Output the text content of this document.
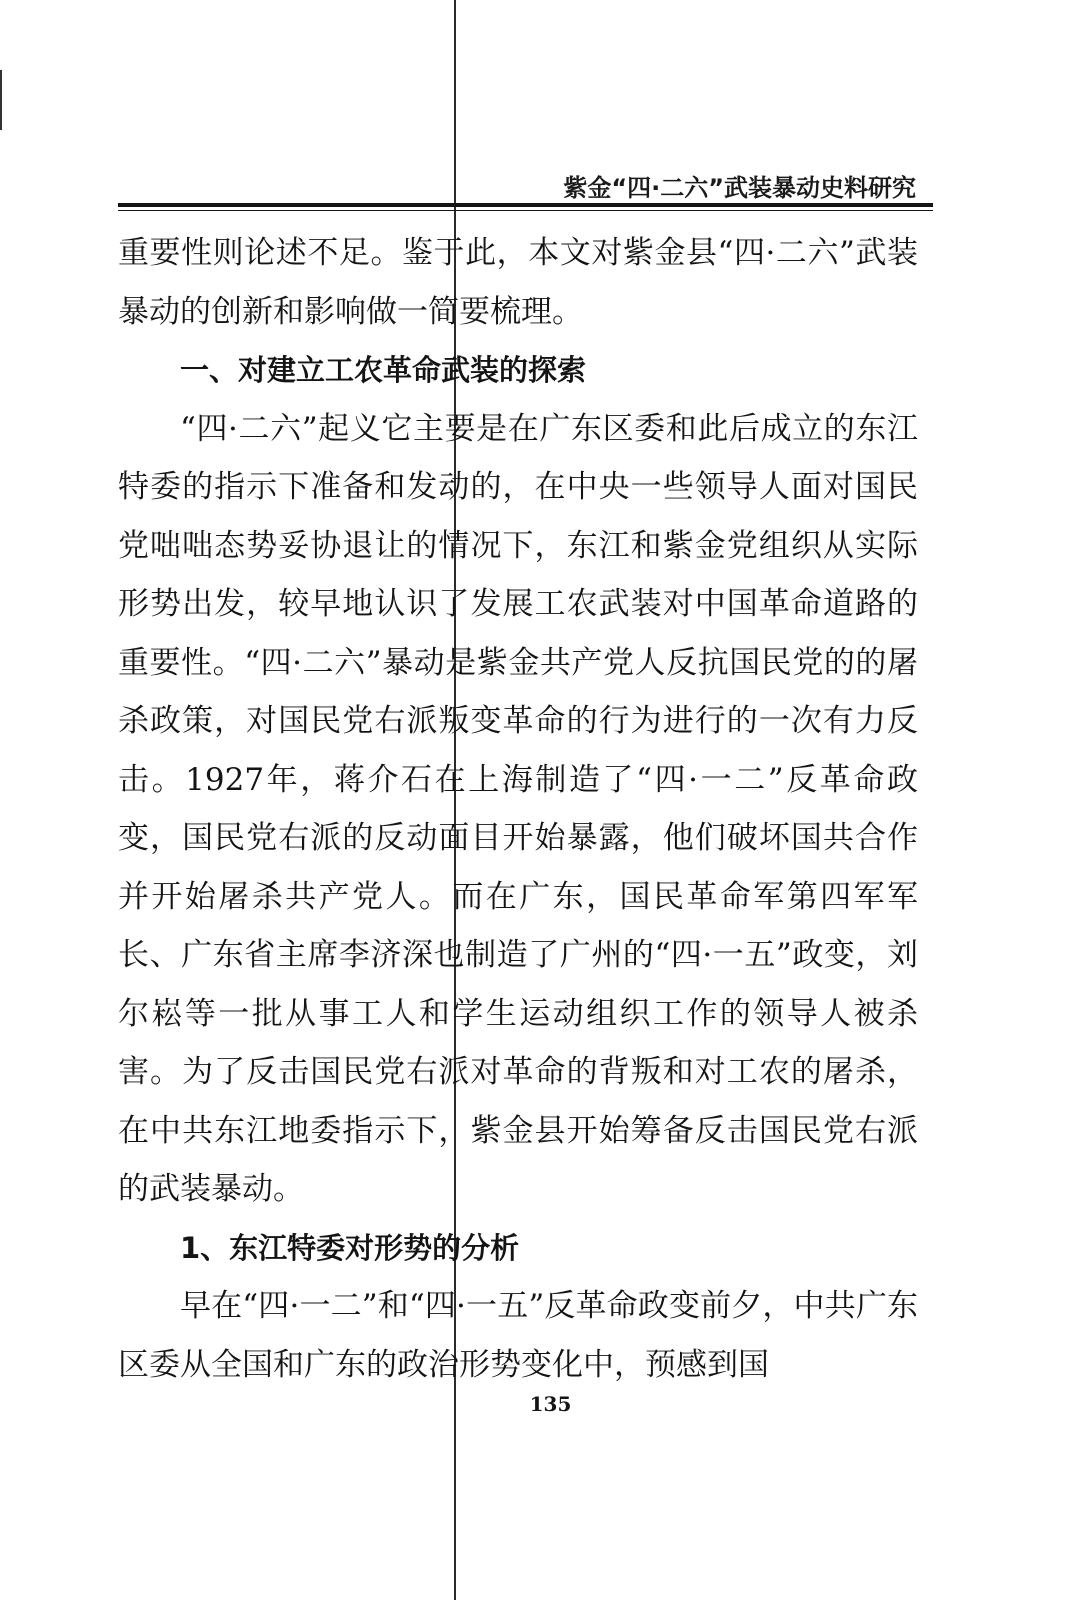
紫金“四·二六”武装暴动史料研究

重要性则论述不足。鉴于此，本文对紫金县“四·二六”武装暴动的创新和影响做一简要梳理。

一、对建立工农革命武装的探索

“四·二六”起义它主要是在广东区委和此后成立的东江特委的指示下准备和发动的，在中央一些领导人面对国民党咄咄态势妥协退让的情况下，东江和紫金党组织从实际形势出发，较早地认识了发展工农武装对中国革命道路的重要性。“四·二六”暴动是紫金共产党人反抗国民党的的屠杀政策，对国民党右派叛变革命的行为进行的一次有力反击。1927年，蒋介石在上海制造了“四·一二”反革命政变，国民党右派的反动面目开始暴露，他们破坏国共合作并开始屠杀共产党人。而在广东，国民革命军第四军军长、广东省主席李济深也制造了广州的“四·一五”政变，刘尔崧等一批从事工人和学生运动组织工作的领导人被杀害。为了反击国民党右派对革命的背叛和对工农的屠杀，在中共东江地委指示下，紫金县开始筹备反击国民党右派的武装暴动。

1、东江特委对形势的分析

早在“四·一二”和“四·一五”反革命政变前夕，中共广东区委从全国和广东的政治形势变化中，预感到国

135
